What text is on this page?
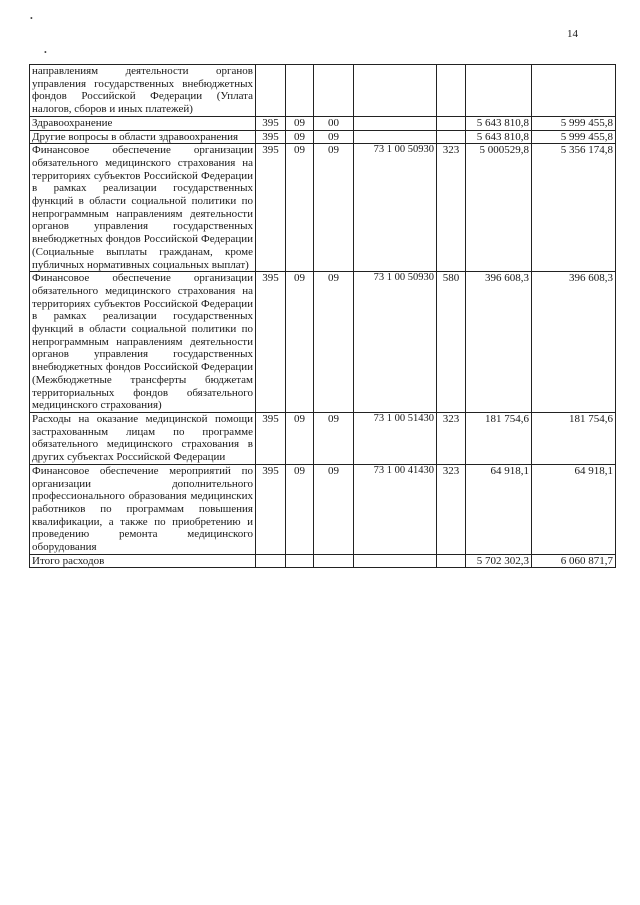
•
•
14
направлениям деятельности органов управления государственных внебюджетных фондов Российской Федерации (Уплата налогов, сборов и иных платежей)							
Здравоохранение	395	09	00			5 643 810,8	5 999 455,8
Другие вопросы в области здравоохранения	395	09	09			5 643 810,8	5 999 455,8
Финансовое обеспечение организации обязательного медицинского страхования на территориях субъектов Российской Федерации в рамках реализации государственных функций в области социальной политики по непрограммным направлениям деятельности органов управления государственных внебюджетных фондов Российской Федерации (Социальные выплаты гражданам, кроме публичных нормативных социальных выплат)	395	09	09	73 1 00 50930	323	5 000529,8	5 356 174,8
Финансовое обеспечение организации обязательного медицинского страхования на территориях субъектов Российской Федерации в рамках реализации государственных функций в области социальной политики по непрограммным направлениям деятельности органов управления государственных внебюджетных фондов Российской Федерации (Межбюджетные трансферты бюджетам территориальных фондов обязательного медицинского страхования)	395	09	09	73 1 00 50930	580	396 608,3	396 608,3
Расходы на оказание медицинской помощи застрахованным лицам по программе обязательного медицинского страхования в других субъектах Российской Федерации	395	09	09	73 1 00 51430	323	181 754,6	181 754,6
Финансовое обеспечение мероприятий по организации дополнительного профессионального образования медицинских работников по программам повышения квалификации, а также по приобретению и проведению ремонта медицинского оборудования	395	09	09	73 1 00 41430	323	64 918,1	64 918,1
Итого расходов						5 702 302,3	6 060 871,7
